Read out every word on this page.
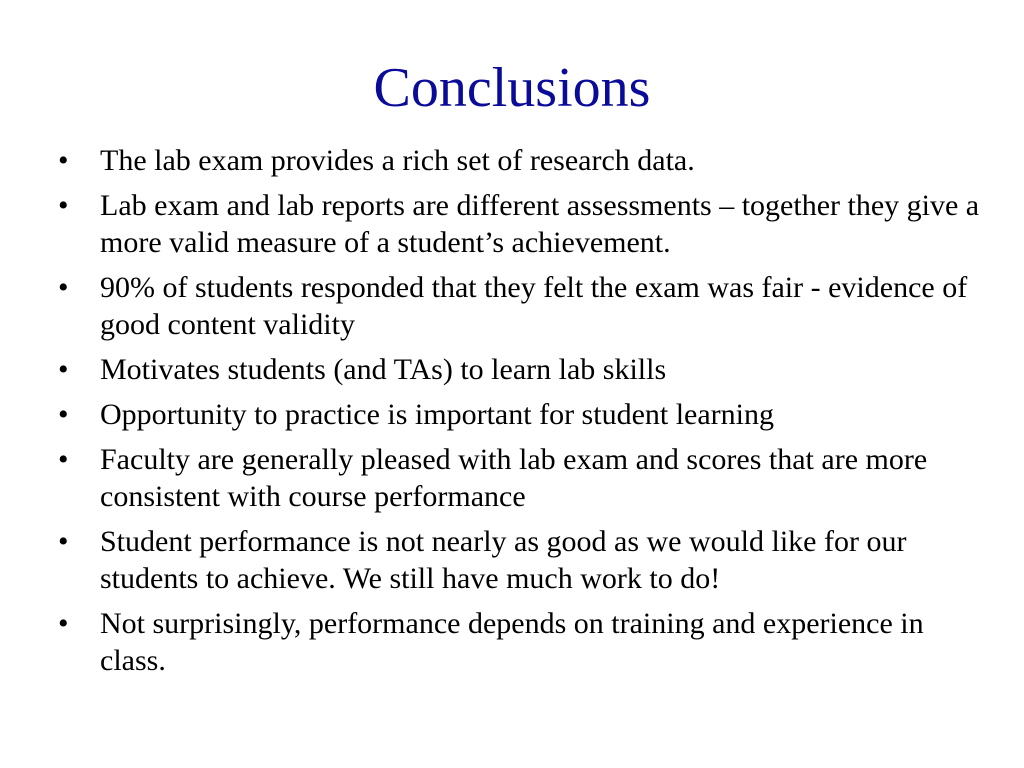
Conclusions
•	The lab exam provides a rich set of research data.
•	Lab exam and lab reports are different assessments – together they give a more valid measure of a student’s achievement.
•	90% of students responded that they felt the exam was fair - evidence of good content validity
•	Motivates students (and TAs) to learn lab skills
•	Opportunity to practice is important for student learning
•	Faculty are generally pleased with lab exam and scores that are more consistent with course performance
•	Student performance is not nearly as good as we would like for our students to achieve. We still have much work to do!
•	Not surprisingly, performance depends on training and experience in class.
